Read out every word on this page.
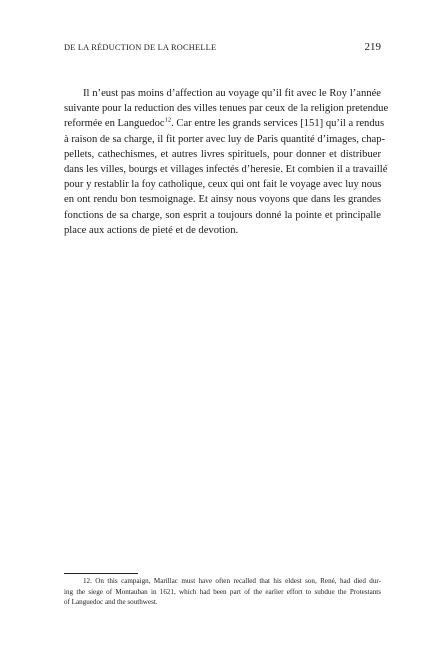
DE LA RÉDUCTION DE LA ROCHELLE	219
Il n’eust pas moins d’affection au voyage qu’il fit avec le Roy l’année
suivante pour la reduction des villes tenues par ceux de la religion pretendue
reformée en Languedoc$^{12}$. Car entre les grands services [151] qu’il a rendus
à raison de sa charge, il fit porter avec luy de Paris quantité d’images, chap-
pellets, cathechismes, et autres livres spirituels, pour donner et distribuer
dans les villes, bourgs et villages infectés d’heresie. Et combien il a travaillé
pour y restablir la foy catholique, ceux qui ont fait le voyage avec luy nous
en ont rendu bon tesmoignage. Et ainsy nous voyons que dans les grandes
fonctions de sa charge, son esprit a toujours donné la pointe et principalle
place aux actions de pieté et de devotion.
12. On this campaign, Marillac must have often recalled that his eldest son, René, had died dur-
ing the siege of Montauban in 1621, which had been part of the earlier effort to subdue the Protestants
of Languedoc and the southwest.
